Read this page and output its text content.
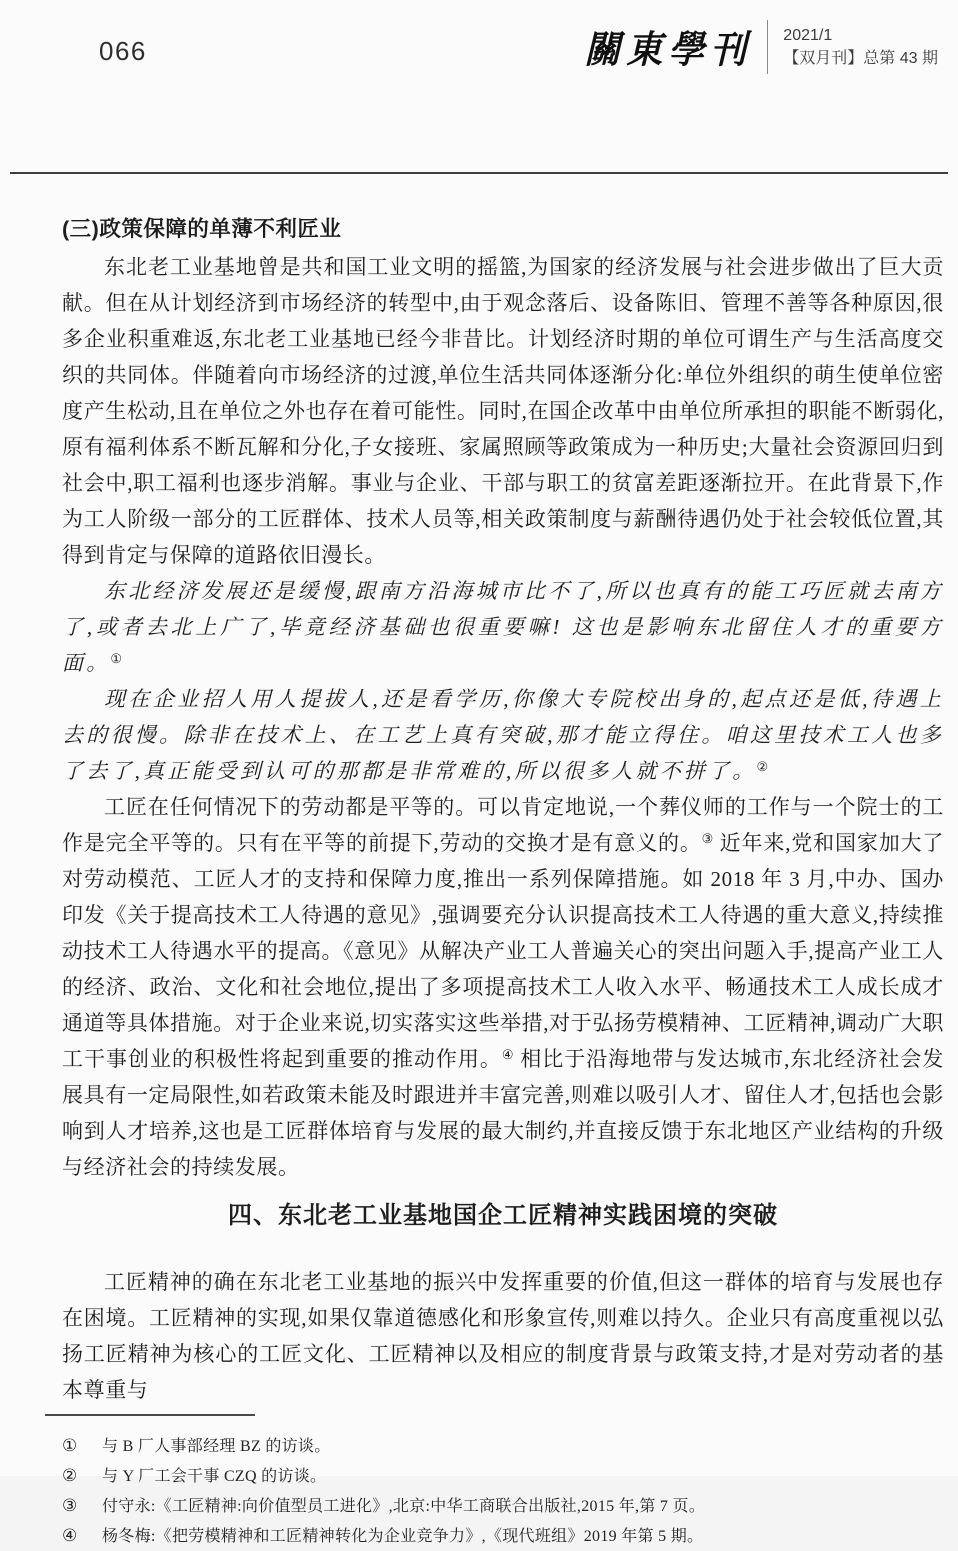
066	關東學刊 2021/1
【双月刊】总第 43 期
(三)政策保障的单薄不利匠业

东北老工业基地曾是共和国工业文明的摇篮,为国家的经济发展与社会进步做出了巨大贡献。但在从计划经济到市场经济的转型中,由于观念落后、设备陈旧、管理不善等各种原因,很多企业积重难返,东北老工业基地已经今非昔比。计划经济时期的单位可谓生产与生活高度交织的共同体。伴随着向市场经济的过渡,单位生活共同体逐渐分化:单位外组织的萌生使单位密度产生松动,且在单位之外也存在着可能性。同时,在国企改革中由单位所承担的职能不断弱化,原有福利体系不断瓦解和分化,子女接班、家属照顾等政策成为一种历史;大量社会资源回归到社会中,职工福利也逐步消解。事业与企业、干部与职工的贫富差距逐渐拉开。在此背景下,作为工人阶级一部分的工匠群体、技术人员等,相关政策制度与薪酬待遇仍处于社会较低位置,其得到肯定与保障的道路依旧漫长。

东北经济发展还是缓慢,跟南方沿海城市比不了,所以也真有的能工巧匠就去南方了,或者去北上广了,毕竟经济基础也很重要嘛! 这也是影响东北留住人才的重要方面。①

现在企业招人用人提拔人,还是看学历,你像大专院校出身的,起点还是低,待遇上去的很慢。除非在技术上、在工艺上真有突破,那才能立得住。咱这里技术工人也多了去了,真正能受到认可的那都是非常难的,所以很多人就不拼了。②

工匠在任何情况下的劳动都是平等的。可以肯定地说,一个葬仪师的工作与一个院士的工作是完全平等的。只有在平等的前提下,劳动的交换才是有意义的。③ 近年来,党和国家加大了对劳动模范、工匠人才的支持和保障力度,推出一系列保障措施。如 2018 年 3 月,中办、国办印发《关于提高技术工人待遇的意见》,强调要充分认识提高技术工人待遇的重大意义,持续推动技术工人待遇水平的提高。《意见》从解决产业工人普遍关心的突出问题入手,提高产业工人的经济、政治、文化和社会地位,提出了多项提高技术工人收入水平、畅通技术工人成长成才通道等具体措施。对于企业来说,切实落实这些举措,对于弘扬劳模精神、工匠精神,调动广大职工干事创业的积极性将起到重要的推动作用。④ 相比于沿海地带与发达城市,东北经济社会发展具有一定局限性,如若政策未能及时跟进并丰富完善,则难以吸引人才、留住人才,包括也会影响到人才培养,这也是工匠群体培育与发展的最大制约,并直接反馈于东北地区产业结构的升级与经济社会的持续发展。

四、东北老工业基地国企工匠精神实践困境的突破

工匠精神的确在东北老工业基地的振兴中发挥重要的价值,但这一群体的培育与发展也存在困境。工匠精神的实现,如果仅靠道德感化和形象宣传,则难以持久。企业只有高度重视以弘扬工匠精神为核心的工匠文化、工匠精神以及相应的制度背景与政策支持,才是对劳动者的基本尊重与

①	与 B 厂人事部经理 BZ 的访谈。
②	与 Y 厂工会干事 CZQ 的访谈。
③	付守永:《工匠精神:向价值型员工进化》,北京:中华工商联合出版社,2015 年,第 7 页。
④	杨冬梅:《把劳模精神和工匠精神转化为企业竞争力》,《现代班组》2019 年第 5 期。
